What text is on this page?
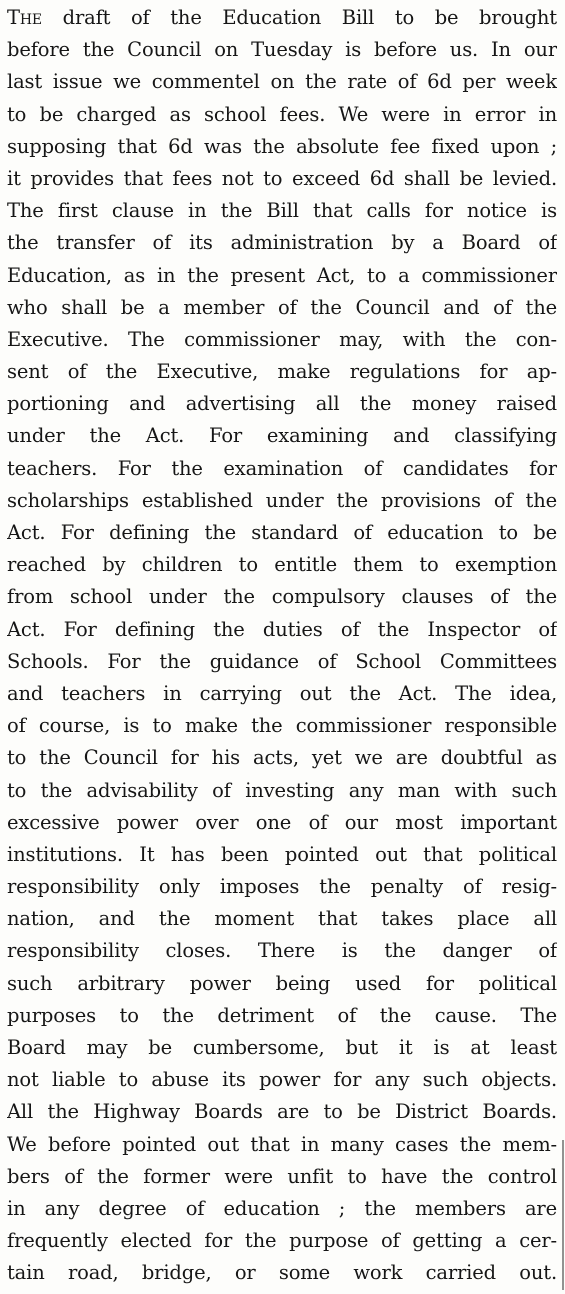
The draft of the Education Bill to be brought
before the Council on Tuesday is before us. In our
last issue we commentel on the rate of 6d per week
to be charged as school fees. We were in error in
supposing that 6d was the absolute fee fixed upon ;
it provides that fees not to exceed 6d shall be levied.
The first clause in the Bill that calls for notice is
the transfer of its administration by a Board of
Education, as in the present Act, to a commissioner
who shall be a member of the Council and of the
Executive. The commissioner may, with the con-
sent of the Executive, make regulations for ap-
portioning and advertising all the money raised
under the Act. For examining and classifying
teachers. For the examination of candidates for
scholarships established under the provisions of the
Act. For defining the standard of education to be
reached by children to entitle them to exemption
from school under the compulsory clauses of the
Act. For defining the duties of the Inspector of
Schools. For the guidance of School Committees
and teachers in carrying out the Act. The idea,
of course, is to make the commissioner responsible
to the Council for his acts, yet we are doubtful as
to the advisability of investing any man with such
excessive power over one of our most important
institutions. It has been pointed out that political
responsibility only imposes the penalty of resig-
nation, and the moment that takes place all
responsibility closes. There is the danger of
such arbitrary power being used for political
purposes to the detriment of the cause. The
Board may be cumbersome, but it is at least
not liable to abuse its power for any such objects.
All the Highway Boards are to be District Boards.
We before pointed out that in many cases the mem-
bers of the former were unfit to have the control
in any degree of education ; the members are
frequently elected for the purpose of getting a cer-
tain road, bridge, or some work carried out.
